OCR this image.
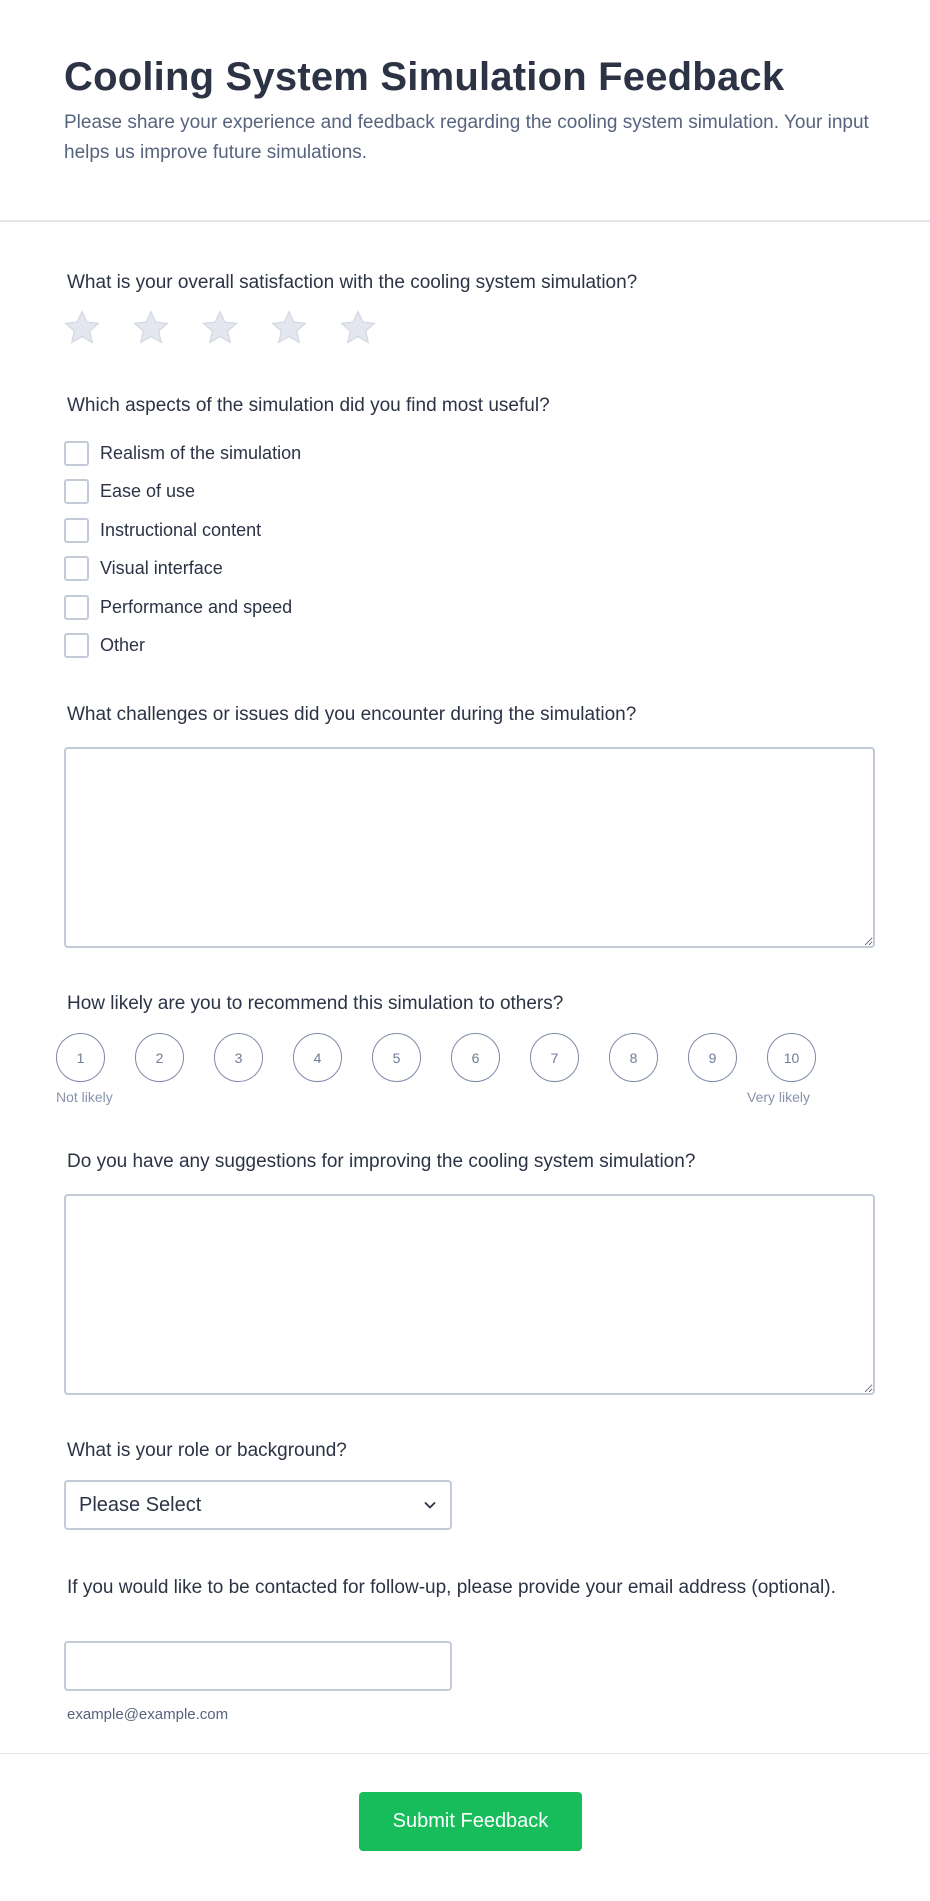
Cooling System Simulation Feedback

Please share your experience and feedback regarding the cooling system simulation. Your input helps us improve future simulations.

What is your overall satisfaction with the cooling system simulation?
Which aspects of the simulation did you find most useful?
Realism of the simulation
Ease of use
Instructional content
Visual interface
Performance and speed
Other
What challenges or issues did you encounter during the simulation?
How likely are you to recommend this simulation to others?
1	2	3	4	5	6	7	8	9	10
Not likely	Very likely
Do you have any suggestions for improving the cooling system simulation?
What is your role or background?
Please Select
If you would like to be contacted for follow-up, please provide your email address (optional).
example@example.com
Submit Feedback
